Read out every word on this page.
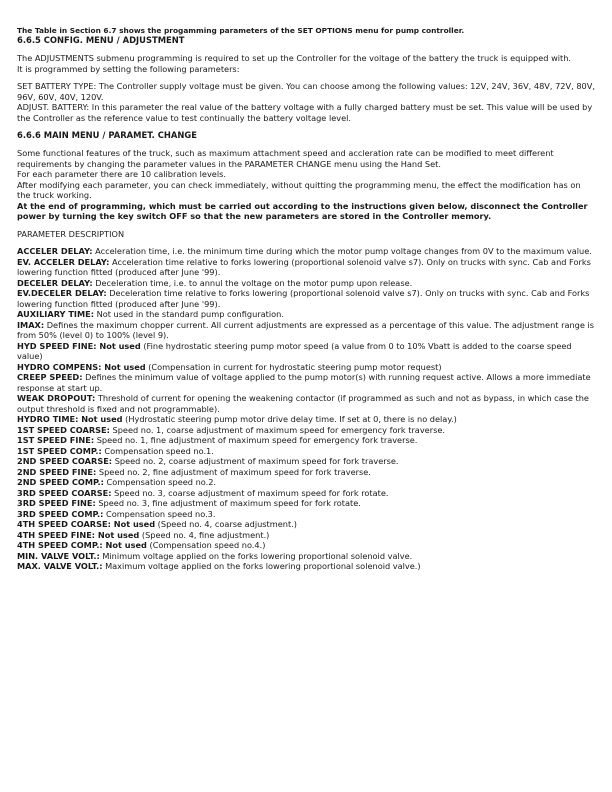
The Table in Section 6.7 shows the progamming parameters of the SET OPTIONS menu for pump controller.

6.6.5 CONFIG. MENU / ADJUSTMENT

The ADJUSTMENTS submenu programming is required to set up the Controller for the voltage of the battery the truck is equipped with.

It is programmed by setting the following parameters:

SET BATTERY TYPE: The Controller supply voltage must be given. You can choose among the following values: 12V, 24V, 36V, 48V, 72V, 80V, 96V, 60V, 40V, 120V.

ADJUST. BATTERY: In this parameter the real value of the battery voltage with a fully charged battery must be set. This value will be used by the Controller as the reference value to test continually the battery voltage level.

6.6.6 MAIN MENU / PARAMET. CHANGE

Some functional features of the truck, such as maximum attachment speed and accleration rate can be modified to meet different requirements by changing the parameter values in the PARAMETER CHANGE menu using the Hand Set.

For each parameter there are 10 calibration levels.

After modifying each parameter, you can check immediately, without quitting the programming menu, the effect the modification has on the truck working.

At the end of programming, which must be carried out according to the instructions given below, disconnect the Controller power by turning the key switch OFF so that the new parameters are stored in the Controller memory.

PARAMETER DESCRIPTION

ACCELER DELAY: Acceleration time, i.e. the minimum time during which the motor pump voltage changes from 0V to the maximum value.

EV. ACCELER DELAY: Acceleration time relative to forks lowering (proportional solenoid valve s7). Only on trucks with sync. Cab and Forks lowering function fitted (produced after June '99).

DECELER DELAY: Deceleration time, i.e. to annul the voltage on the motor pump upon release.

EV.DECELER DELAY: Deceleration time relative to forks lowering (proportional solenoid valve s7). Only on trucks with sync. Cab and Forks lowering function fitted (produced after June '99).

AUXILIARY TIME: Not used in the standard pump configuration.

IMAX: Defines the maximum chopper current. All current adjustments are expressed as a percentage of this value. The adjustment range is from 50% (level 0) to 100% (level 9).

HYD SPEED FINE: Not used (Fine hydrostatic steering pump motor speed (a value from 0 to 10% Vbatt is added to the coarse speed value)

HYDRO COMPENS: Not used (Compensation in current for hydrostatic steering pump motor request)

CREEP SPEED: Defines the minimum value of voltage applied to the pump motor(s) with running request active. Allows a more immediate response at start up.

WEAK DROPOUT: Threshold of current for opening the weakening contactor (if programmed as such and not as bypass, in which case the output threshold is fixed and not programmable).

HYDRO TIME: Not used (Hydrostatic steering pump motor drive delay time. If set at 0, there is no delay.)

1ST SPEED COARSE: Speed no. 1, coarse adjustment of maximum speed for emergency fork traverse.

1ST SPEED FINE: Speed no. 1, fine adjustment of maximum speed for emergency fork traverse.

1ST SPEED COMP.: Compensation speed no.1.

2ND SPEED COARSE: Speed no. 2, coarse adjustment of maximum speed for fork traverse.

2ND SPEED FINE: Speed no. 2, fine adjustment of maximum speed for fork traverse.

2ND SPEED COMP.: Compensation speed no.2.

3RD SPEED COARSE: Speed no. 3, coarse adjustment of maximum speed for fork rotate.

3RD SPEED FINE: Speed no. 3, fine adjustment of maximum speed for fork rotate.

3RD SPEED COMP.: Compensation speed no.3.

4TH SPEED COARSE: Not used (Speed no. 4, coarse adjustment.)

4TH SPEED FINE: Not used (Speed no. 4, fine adjustment.)

4TH SPEED COMP.: Not used (Compensation speed no.4.)

MIN. VALVE VOLT.: Minimum voltage applied on the forks lowering proportional solenoid valve.

MAX. VALVE VOLT.: Maximum voltage applied on the forks lowering proportional solenoid valve.)
